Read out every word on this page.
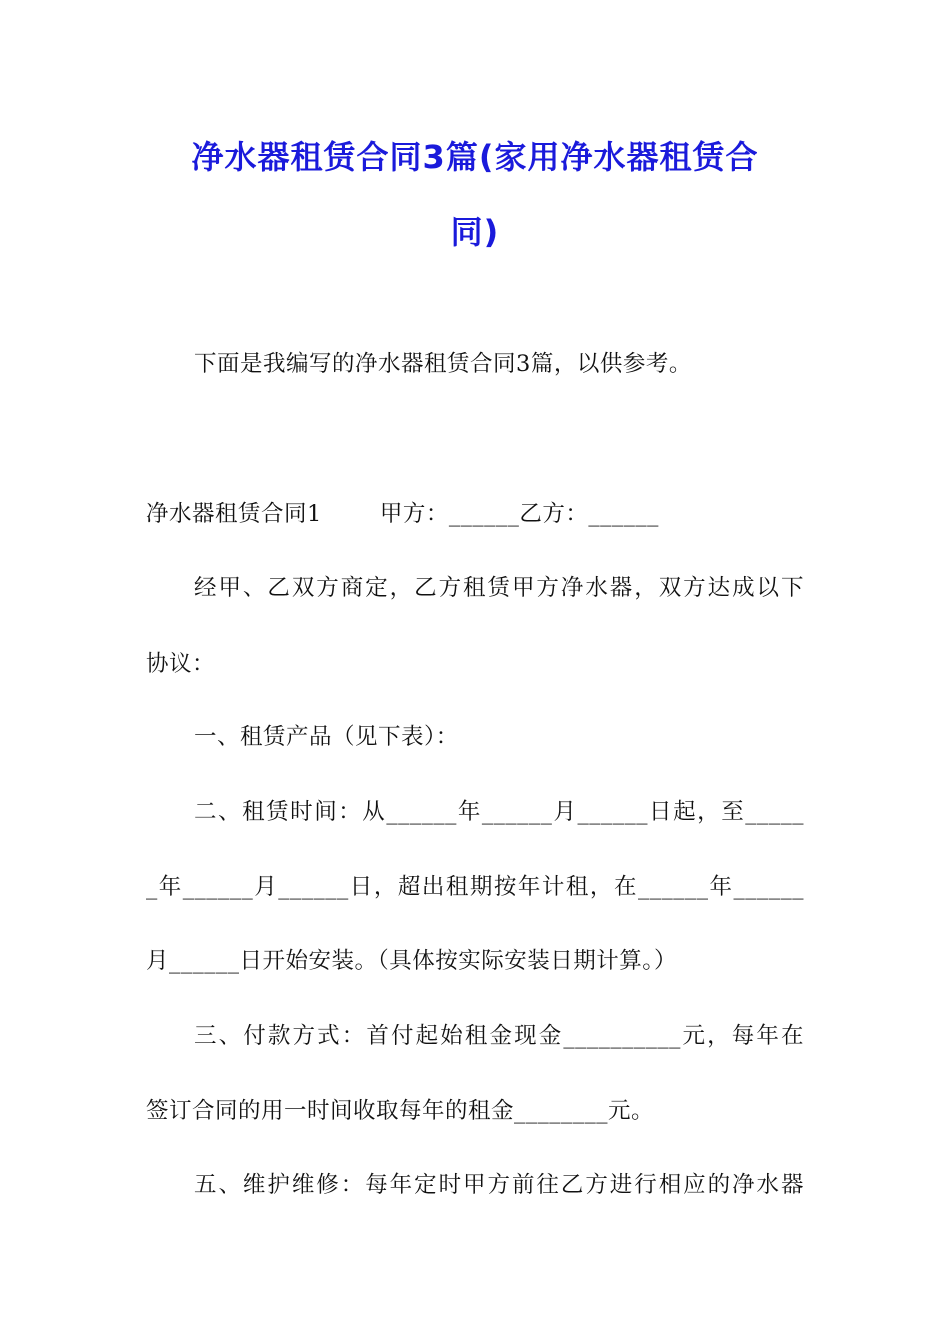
净水器租赁合同3篇(家用净水器租赁合
同)
下面是我编写的净水器租赁合同3篇，以供参考。
净水器租赁合同1	甲方：______乙方：______
经甲、乙双方商定，乙方租赁甲方净水器，双方达成以下
协议：
一、租赁产品（见下表）：
二、租赁时间：从______年______月______日起，至_____
_年______月______日，超出租期按年计租，在______年______
月______日开始安装。（具体按实际安装日期计算。）
三、付款方式：首付起始租金现金__________元，每年在
签订合同的用一时间收取每年的租金________元。
五、维护维修：每年定时甲方前往乙方进行相应的净水器
